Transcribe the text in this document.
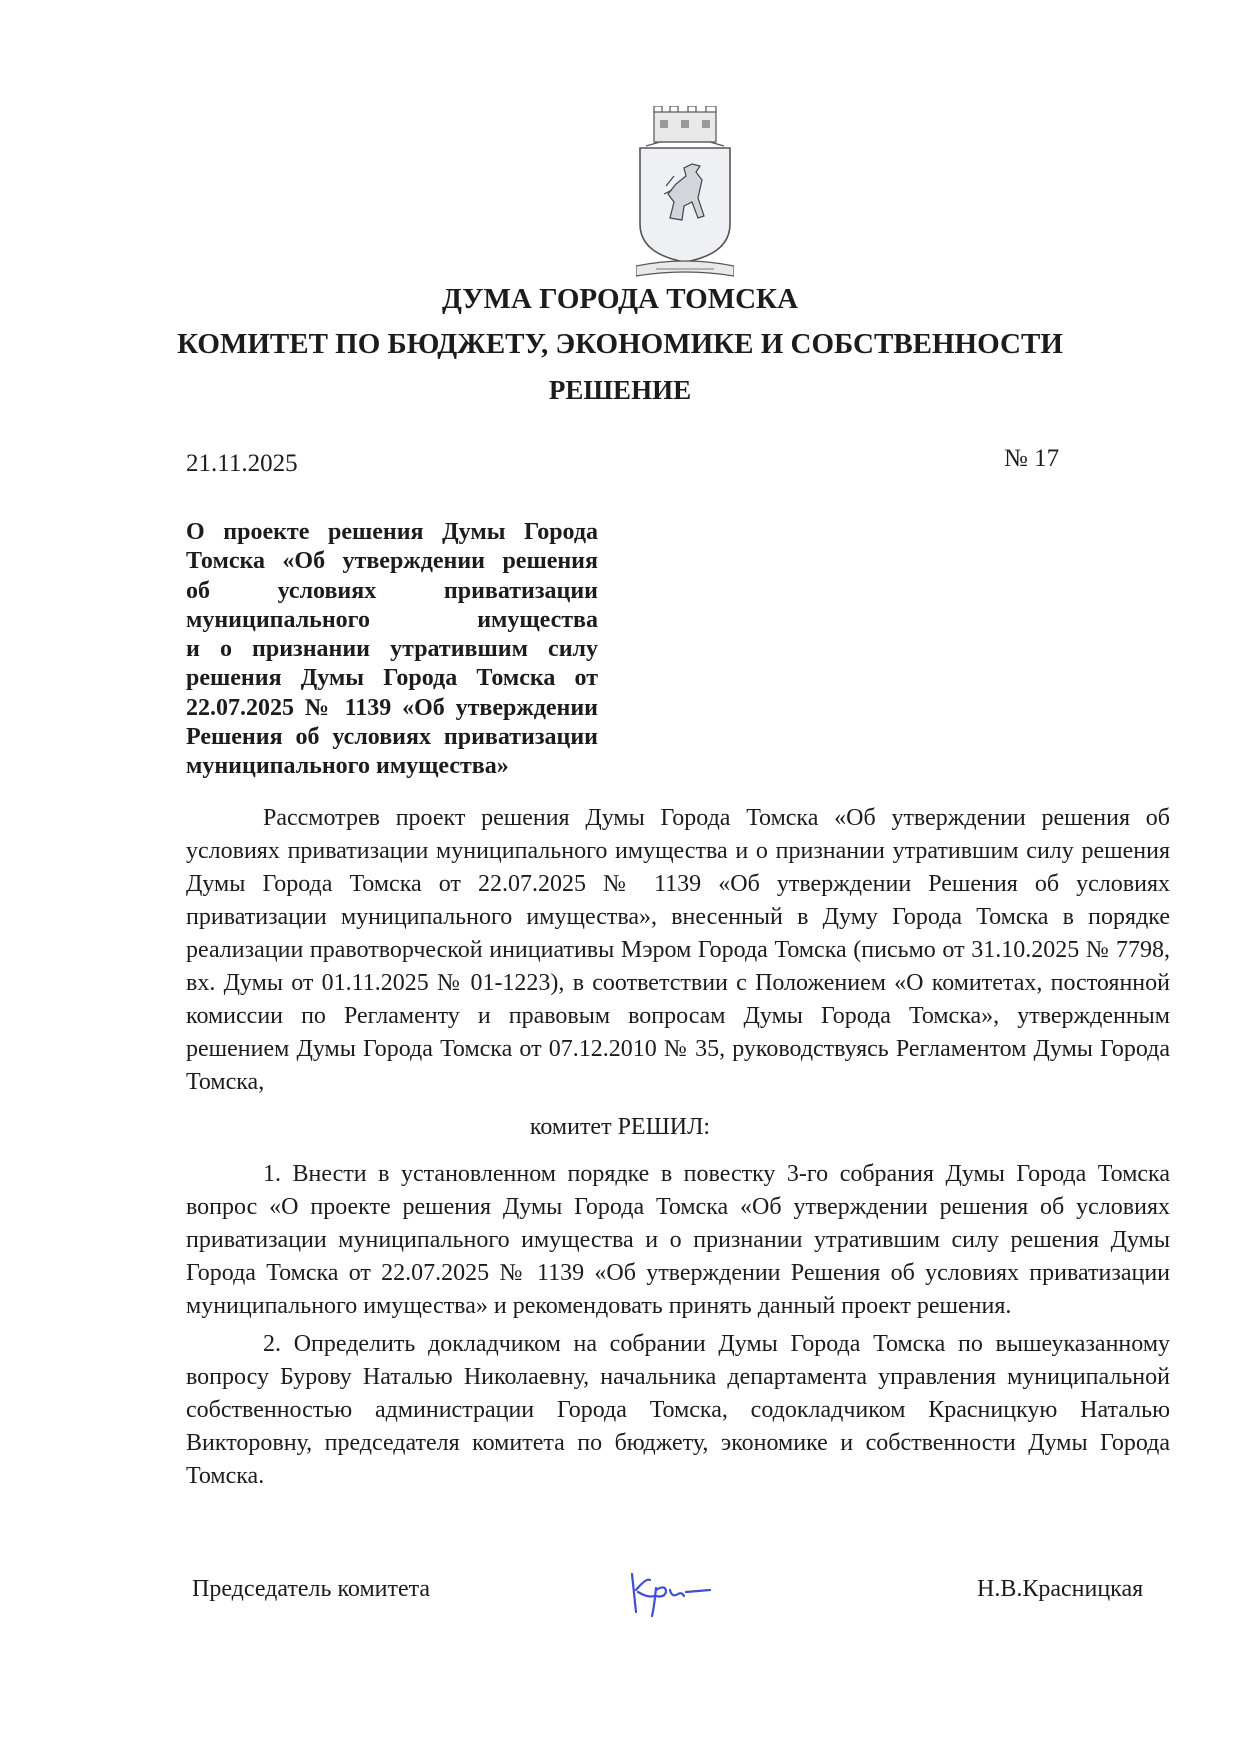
ДУМА ГОРОДА ТОМСКА
КОМИТЕТ ПО БЮДЖЕТУ, ЭКОНОМИКЕ И СОБСТВЕННОСТИ
РЕШЕНИЕ
21.11.2025	№ 17
О проекте решения Думы Города
Томска «Об утверждении решения
об условиях приватизации
муниципального имущества
и о признании утратившим силу
решения Думы Города Томска от
22.07.2025 № 1139 «Об утверждении
Решения об условиях приватизации
муниципального имущества»

Рассмотрев проект решения Думы Города Томска «Об утверждении решения об условиях приватизации муниципального имущества и о признании утратившим силу решения Думы Города Томска от 22.07.2025 № 1139 «Об утверждении Решения об условиях приватизации муниципального имущества», внесенный в Думу Города Томска в порядке реализации правотворческой инициативы Мэром Города Томска (письмо от 31.10.2025 № 7798, вх. Думы от 01.11.2025 № 01-1223), в соответствии с Положением «О комитетах, постоянной комиссии по Регламенту и правовым вопросам Думы Города Томска», утвержденным решением Думы Города Томска от 07.12.2010 № 35, руководствуясь Регламентом Думы Города Томска,

комитет РЕШИЛ:

1. Внести в установленном порядке в повестку 3-го собрания Думы Города Томска вопрос «О проекте решения Думы Города Томска «Об утверждении решения об условиях приватизации муниципального имущества и о признании утратившим силу решения Думы Города Томска от 22.07.2025 № 1139 «Об утверждении Решения об условиях приватизации муниципального имущества» и рекомендовать принять данный проект решения.

2. Определить докладчиком на собрании Думы Города Томска по вышеуказанному вопросу Бурову Наталью Николаевну, начальника департамента управления муниципальной собственностью администрации Города Томска, содокладчиком Красницкую Наталью Викторовну, председателя комитета по бюджету, экономике и собственности Думы Города Томска.

Председатель комитета	Н.В.Красницкая
